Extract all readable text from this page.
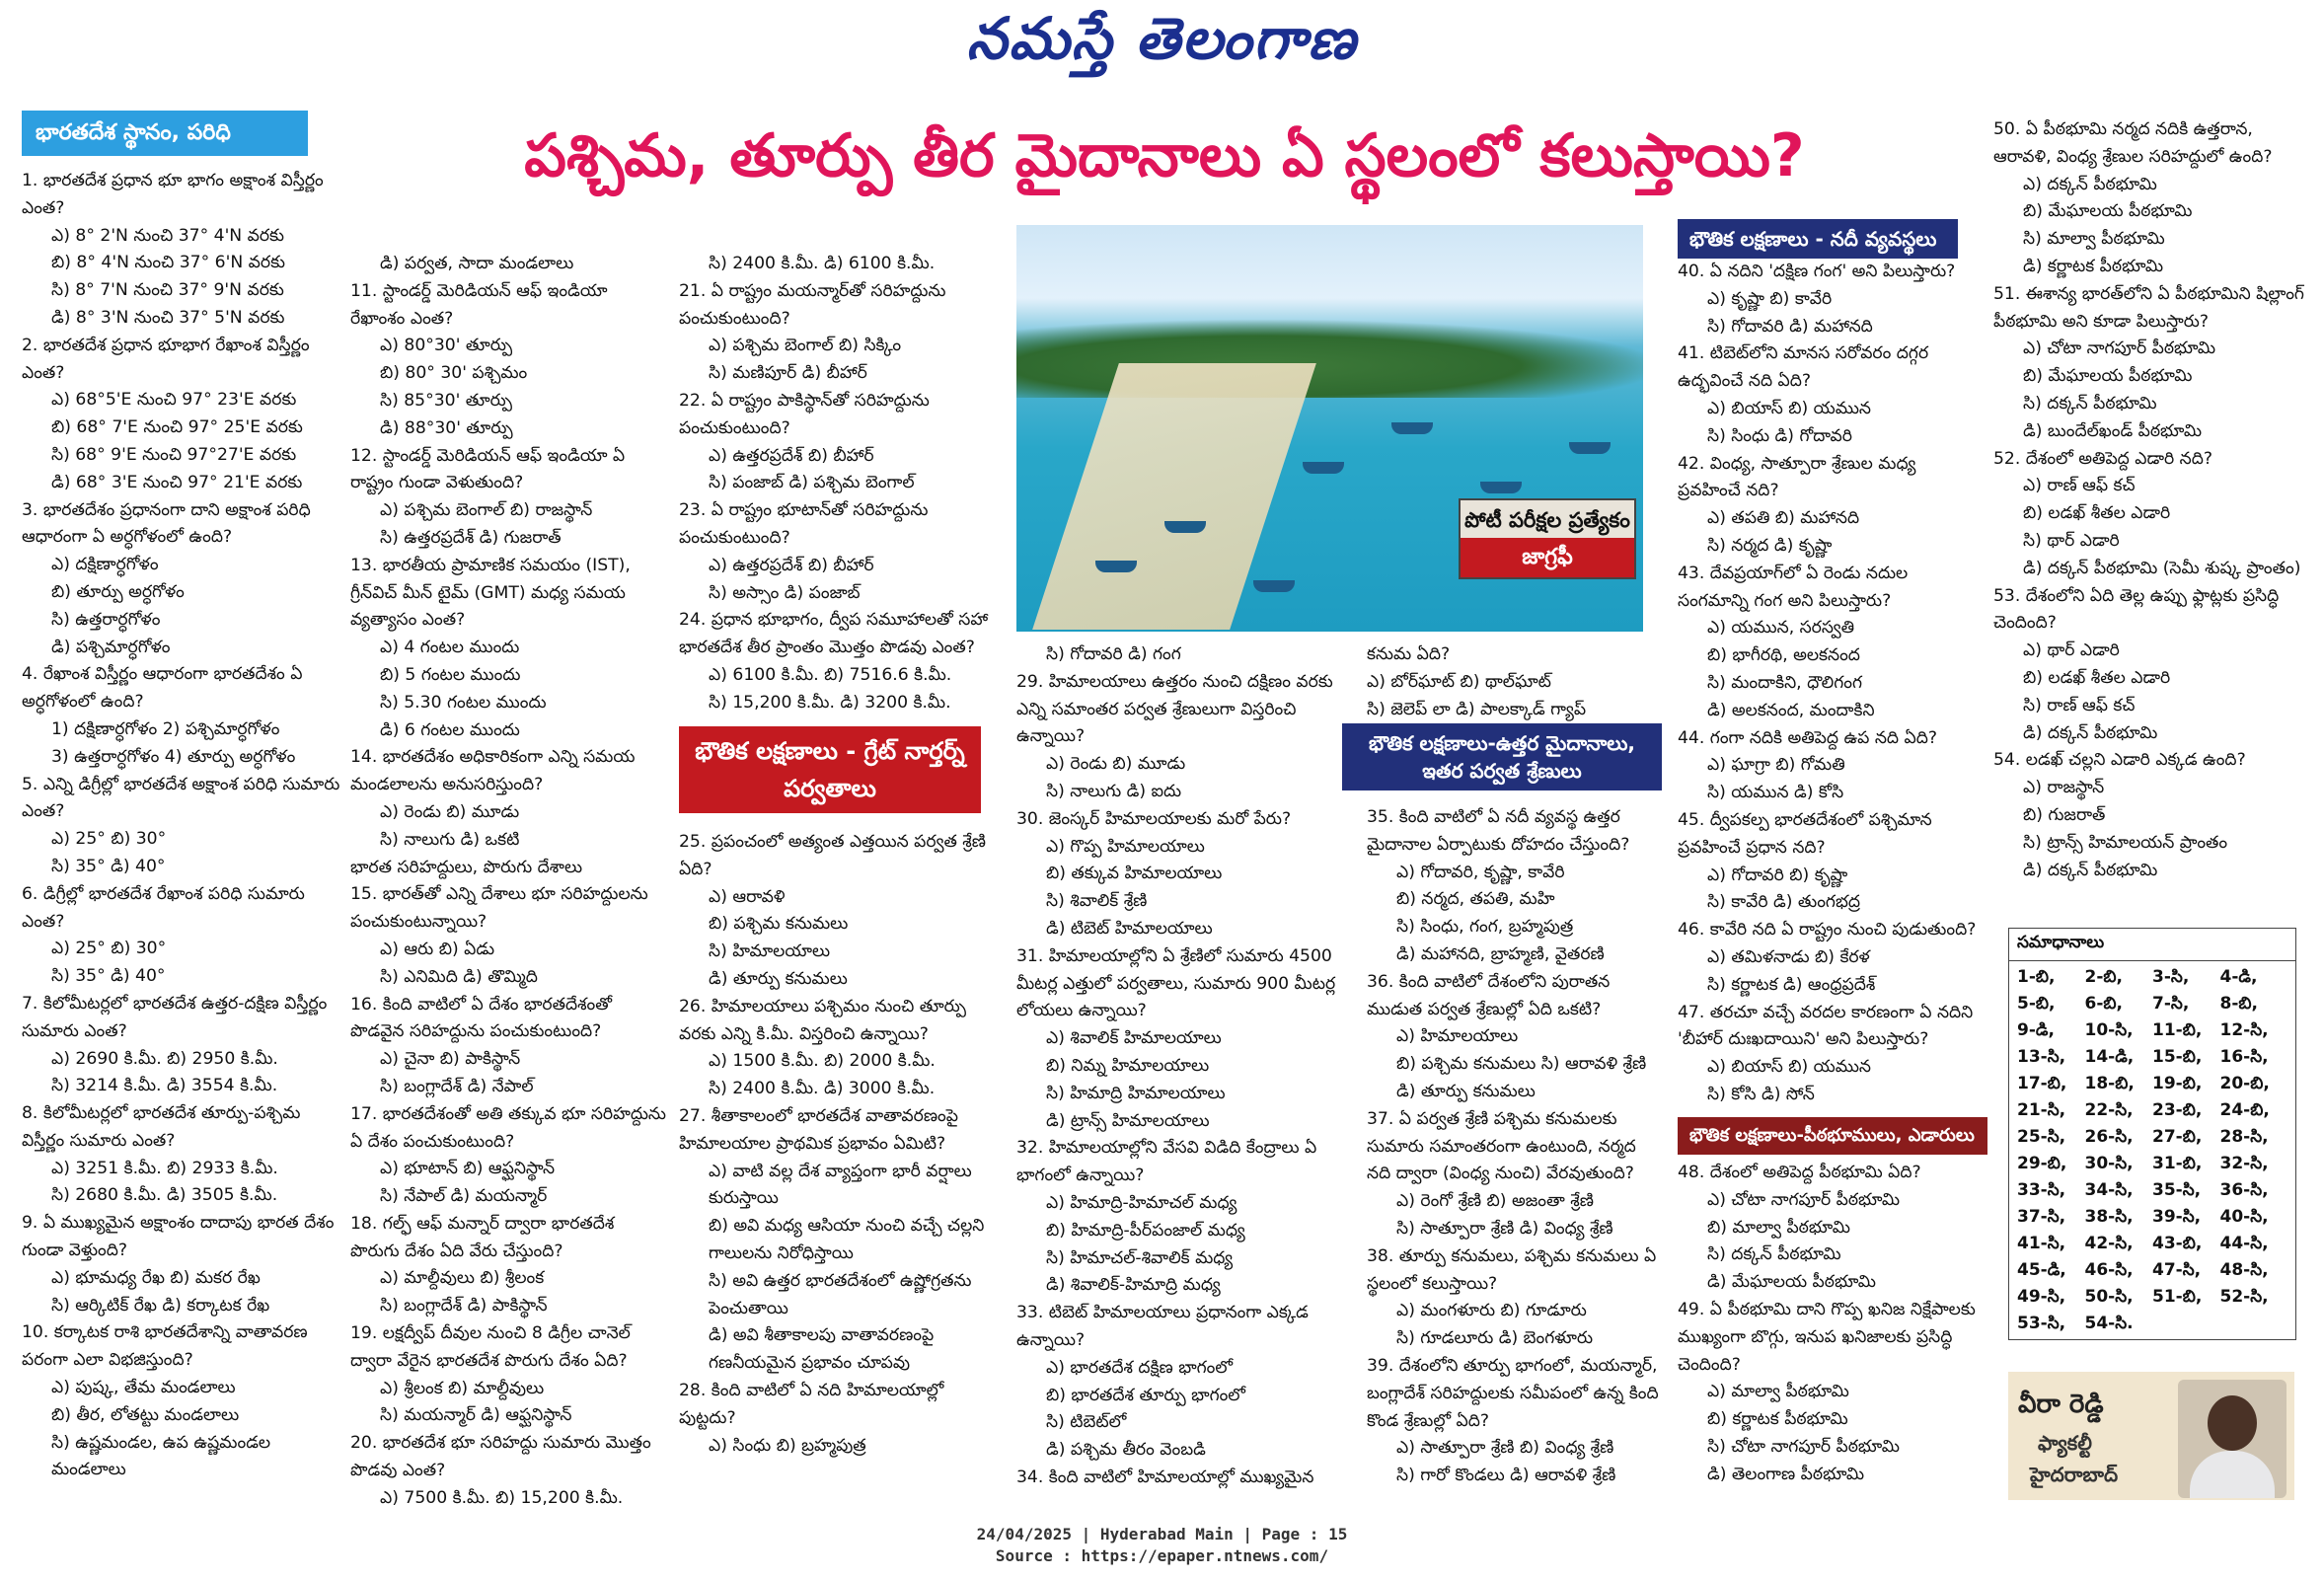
నమస్తే తెలంగాణ
పశ్చిమ, తూర్పు తీర మైదానాలు ఏ స్థలంలో కలుస్తాయి?
భారతదేశ స్థానం, పరిధి
1. భారతదేశ ప్రధాన భూ భాగం అక్షాంశ విస్తీర్ణం ఎంత?
ఎ) 8° 2'N నుంచి 37° 4'N వరకు
బి) 8° 4'N నుంచి 37° 6'N వరకు
సి) 8° 7'N నుంచి 37° 9'N వరకు
డి) 8° 3'N నుంచి 37° 5'N వరకు
2. భారతదేశ ప్రధాన భూభాగ రేఖాంశ విస్తీర్ణం ఎంత?
ఎ) 68°5'E నుంచి 97° 23'E వరకు
బి) 68° 7'E నుంచి 97° 25'E వరకు
సి) 68° 9'E నుంచి 97°27'E వరకు
డి) 68° 3'E నుంచి 97° 21'E వరకు
3. భారతదేశం ప్రధానంగా దాని అక్షాంశ పరిధి ఆధారంగా ఏ అర్ధగోళంలో ఉంది?
ఎ) దక్షిణార్ధగోళం
బి) తూర్పు అర్ధగోళం
సి) ఉత్తరార్ధగోళం
డి) పశ్చిమార్ధగోళం
4. రేఖాంశ విస్తీర్ణం ఆధారంగా భారతదేశం ఏ అర్ధగోళంలో ఉంది?
1) దక్షిణార్ధగోళం 2) పశ్చిమార్ధగోళం
3) ఉత్తరార్ధగోళం 4) తూర్పు అర్ధగోళం
5. ఎన్ని డిగ్రీల్లో భారతదేశ అక్షాంశ పరిధి సుమారు ఎంత?
ఎ) 25° బి) 30°
సి) 35° డి) 40°
6. డిగ్రీల్లో భారతదేశ రేఖాంశ పరిధి సుమారు ఎంత?
ఎ) 25° బి) 30°
సి) 35° డి) 40°
7. కిలోమీటర్లలో భారతదేశ ఉత్తర-దక్షిణ విస్తీర్ణం సుమారు ఎంత?
ఎ) 2690 కి.మీ. బి) 2950 కి.మీ.
సి) 3214 కి.మీ. డి) 3554 కి.మీ.
8. కిలోమీటర్లలో భారతదేశ తూర్పు-పశ్చిమ విస్తీర్ణం సుమారు ఎంత?
ఎ) 3251 కి.మీ. బి) 2933 కి.మీ.
సి) 2680 కి.మీ. డి) 3505 కి.మీ.
9. ఏ ముఖ్యమైన అక్షాంశం దాదాపు భారత దేశం గుండా వెళ్తుంది?
ఎ) భూమధ్య రేఖ బి) మకర రేఖ
సి) ఆర్కిటిక్ రేఖ డి) కర్కాటక రేఖ
10. కర్కాటక రాశి భారతదేశాన్ని వాతావరణ పరంగా ఎలా విభజిస్తుంది?
ఎ) పుష్క, తేమ మండలాలు
బి) తీర, లోతట్టు మండలాలు
సి) ఉష్ణమండల, ఉప ఉష్ణమండల మండలాలు
డి) పర్వత, సాదా మండలాలు
11. స్టాండర్డ్ మెరిడియన్ ఆఫ్ ఇండియా రేఖాంశం ఎంత?
ఎ) 80°30' తూర్పు
బి) 80° 30' పశ్చిమం
సి) 85°30' తూర్పు
డి) 88°30' తూర్పు
12. స్టాండర్డ్ మెరిడియన్ ఆఫ్ ఇండియా ఏ రాష్ట్రం గుండా వెళుతుంది?
ఎ) పశ్చిమ బెంగాల్ బి) రాజస్థాన్
సి) ఉత్తరప్రదేశ్ డి) గుజరాత్
13. భారతీయ ప్రామాణిక సమయం (IST), గ్రీన్‌విచ్ మీన్ టైమ్ (GMT) మధ్య సమయ వ్యత్యాసం ఎంత?
ఎ) 4 గంటల ముందు
బి) 5 గంటల ముందు
సి) 5.30 గంటల ముందు
డి) 6 గంటల ముందు
14. భారతదేశం అధికారికంగా ఎన్ని సమయ మండలాలను అనుసరిస్తుంది?
ఎ) రెండు బి) మూడు
సి) నాలుగు డి) ఒకటి
భారత సరిహద్దులు, పొరుగు దేశాలు
15. భారత్‌తో ఎన్ని దేశాలు భూ సరిహద్దులను పంచుకుంటున్నాయి?
ఎ) ఆరు బి) ఏడు
సి) ఎనిమిది డి) తొమ్మిది
16. కింది వాటిలో ఏ దేశం భారతదేశంతో పొడవైన సరిహద్దును పంచుకుంటుంది?
ఎ) చైనా బి) పాకిస్థాన్
సి) బంగ్లాదేశ్ డి) నేపాల్
17. భారతదేశంతో అతి తక్కువ భూ సరిహద్దును ఏ దేశం పంచుకుంటుంది?
ఎ) భూటాన్ బి) ఆఫ్ఘనిస్థాన్
సి) నేపాల్ డి) మయన్మార్
18. గల్ఫ్ ఆఫ్ మన్నార్ ద్వారా భారతదేశ పొరుగు దేశం ఏది వేరు చేస్తుంది?
ఎ) మాల్దీవులు బి) శ్రీలంక
సి) బంగ్లాదేశ్ డి) పాకిస్థాన్
19. లక్షద్వీప్ దీవుల నుంచి 8 డిగ్రీల చానెల్ ద్వారా వేరైన భారతదేశ పొరుగు దేశం ఏది?
ఎ) శ్రీలంక బి) మాల్దీవులు
సి) మయన్మార్ డి) ఆఫ్ఘనిస్థాన్
20. భారతదేశ భూ సరిహద్దు సుమారు మొత్తం పొడవు ఎంత?
ఎ) 7500 కి.మీ. బి) 15,200 కి.మీ.
సి) 2400 కి.మీ. డి) 6100 కి.మీ.
21. ఏ రాష్ట్రం మయన్మార్‌తో సరిహద్దును పంచుకుంటుంది?
ఎ) పశ్చిమ బెంగాల్ బి) సిక్కిం
సి) మణిపూర్ డి) బీహార్
22. ఏ రాష్ట్రం పాకిస్థాన్‌తో సరిహద్దును పంచుకుంటుంది?
ఎ) ఉత్తరప్రదేశ్ బి) బీహార్
సి) పంజాబ్ డి) పశ్చిమ బెంగాల్
23. ఏ రాష్ట్రం భూటాన్‌తో సరిహద్దును పంచుకుంటుంది?
ఎ) ఉత్తరప్రదేశ్ బి) బీహార్
సి) అస్సాం డి) పంజాబ్
24. ప్రధాన భూభాగం, ద్వీప సమూహాలతో సహా భారతదేశ తీర ప్రాంతం మొత్తం పొడవు ఎంత?
ఎ) 6100 కి.మీ. బి) 7516.6 కి.మీ.
సి) 15,200 కి.మీ. డి) 3200 కి.మీ.
భౌతిక లక్షణాలు - గ్రేట్ నార్తర్న్ పర్వతాలు
25. ప్రపంచంలో అత్యంత ఎత్తయిన పర్వత శ్రేణి ఏది?
ఎ) ఆరావళి
బి) పశ్చిమ కనుమలు
సి) హిమాలయాలు
డి) తూర్పు కనుమలు
26. హిమాలయాలు పశ్చిమం నుంచి తూర్పు వరకు ఎన్ని కి.మీ. విస్తరించి ఉన్నాయి?
ఎ) 1500 కి.మీ. బి) 2000 కి.మీ.
సి) 2400 కి.మీ. డి) 3000 కి.మీ.
27. శీతాకాలంలో భారతదేశ వాతావరణంపై హిమాలయాల ప్రాథమిక ప్రభావం ఏమిటి?
ఎ) వాటి వల్ల దేశ వ్యాప్తంగా భారీ వర్షాలు కురుస్తాయి
బి) అవి మధ్య ఆసియా నుంచి వచ్చే చల్లని గాలులను నిరోధిస్తాయి
సి) అవి ఉత్తర భారతదేశంలో ఉష్ణోగ్రతను పెంచుతాయి
డి) అవి శీతాకాలపు వాతావరణంపై గణనీయమైన ప్రభావం చూపవు
28. కింది వాటిలో ఏ నది హిమాలయాల్లో పుట్టదు?
ఎ) సింధు బి) బ్రహ్మపుత్ర
పోటీ పరీక్షల ప్రత్యేకం
జాగ్రఫీ
సి) గోదావరి డి) గంగ
29. హిమాలయాలు ఉత్తరం నుంచి దక్షిణం వరకు ఎన్ని సమాంతర పర్వత శ్రేణులుగా విస్తరించి ఉన్నాయి?
ఎ) రెండు బి) మూడు
సి) నాలుగు డి) ఐదు
30. జెంస్కర్ హిమాలయాలకు మరో పేరు?
ఎ) గొప్ప హిమాలయాలు
బి) తక్కువ హిమాలయాలు
సి) శివాలిక్ శ్రేణి
డి) టిబెట్ హిమాలయాలు
31. హిమాలయాల్లోని ఏ శ్రేణిలో సుమారు 4500 మీటర్ల ఎత్తులో పర్వతాలు, సుమారు 900 మీటర్ల లోయలు ఉన్నాయి?
ఎ) శివాలిక్ హిమాలయాలు
బి) నిమ్న హిమాలయాలు
సి) హిమాద్రి హిమాలయాలు
డి) ట్రాన్స్ హిమాలయాలు
32. హిమాలయాల్లోని వేసవి విడిది కేంద్రాలు ఏ భాగంలో ఉన్నాయి?
ఎ) హిమాద్రి-హిమాచల్ మధ్య
బి) హిమాద్రి-పీర్‌పంజాల్ మధ్య
సి) హిమాచల్-శివాలిక్ మధ్య
డి) శివాలిక్-హిమాద్రి మధ్య
33. టిబెట్ హిమాలయాలు ప్రధానంగా ఎక్కడ ఉన్నాయి?
ఎ) భారతదేశ దక్షిణ భాగంలో
బి) భారతదేశ తూర్పు భాగంలో
సి) టిబెట్‌లో
డి) పశ్చిమ తీరం వెంబడి
34. కింది వాటిలో హిమాలయాల్లో ముఖ్యమైన
భౌతిక లక్షణాలు-ఉత్తర మైదానాలు, ఇతర పర్వత శ్రేణులు
కనుమ ఏది?
ఎ) బోర్‌ఘాట్ బి) థాల్‌ఘాట్
సి) జెలెప్ లా డి) పాలక్కాడ్ గ్యాప్
35. కింది వాటిలో ఏ నదీ వ్యవస్థ ఉత్తర మైదానాల ఏర్పాటుకు దోహదం చేస్తుంది?
ఎ) గోదావరి, కృష్ణా, కావేరి
బి) నర్మద, తపతి, మహి
సి) సింధు, గంగ, బ్రహ్మపుత్ర
డి) మహానది, బ్రాహ్మణి, వైతరణి
36. కింది వాటిలో దేశంలోని పురాతన ముడుత పర్వత శ్రేణుల్లో ఏది ఒకటి?
ఎ) హిమాలయాలు
బి) పశ్చిమ కనుమలు సి) ఆరావళి శ్రేణి
డి) తూర్పు కనుమలు
37. ఏ పర్వత శ్రేణి పశ్చిమ కనుమలకు సుమారు సమాంతరంగా ఉంటుంది, నర్మద నది ద్వారా (వింధ్య నుంచి) వేరవుతుంది?
ఎ) రెంగో శ్రేణి బి) అజంతా శ్రేణి
సి) సాత్పూరా శ్రేణి డి) వింధ్య శ్రేణి
38. తూర్పు కనుమలు, పశ్చిమ కనుమలు ఏ స్థలంలో కలుస్తాయి?
ఎ) మంగళూరు బి) గూడూరు
సి) గూడలూరు డి) బెంగళూరు
39. దేశంలోని తూర్పు భాగంలో, మయన్మార్, బంగ్లాదేశ్ సరిహద్దులకు సమీపంలో ఉన్న కింది కొండ శ్రేణుల్లో ఏది?
ఎ) సాత్పూరా శ్రేణి బి) వింధ్య శ్రేణి
సి) గారో కొండలు డి) ఆరావళి శ్రేణి
భౌతిక లక్షణాలు - నదీ వ్యవస్థలు
40. ఏ నదిని 'దక్షిణ గంగ' అని పిలుస్తారు?
ఎ) కృష్ణా బి) కావేరి
సి) గోదావరి డి) మహానది
41. టిబెట్‌లోని మానస సరోవరం దగ్గర ఉద్భవించే నది ఏది?
ఎ) బియాస్ బి) యమున
సి) సింధు డి) గోదావరి
42. వింధ్య, సాత్పూరా శ్రేణుల మధ్య ప్రవహించే నది?
ఎ) తపతి బి) మహానది
సి) నర్మద డి) కృష్ణా
43. దేవప్రయాగ్‌లో ఏ రెండు నదుల సంగమాన్ని గంగ అని పిలుస్తారు?
ఎ) యమున, సరస్వతి
బి) భాగీరథి, అలకనంద
సి) మందాకిని, ధౌలిగంగ
డి) అలకనంద, మందాకిని
44. గంగా నదికి అతిపెద్ద ఉప నది ఏది?
ఎ) ఘాగ్రా బి) గోమతి
సి) యమున డి) కోసి
45. ద్వీపకల్ప భారతదేశంలో పశ్చిమాన ప్రవహించే ప్రధాన నది?
ఎ) గోదావరి బి) కృష్ణా
సి) కావేరి డి) తుంగభద్ర
46. కావేరి నది ఏ రాష్ట్రం నుంచి పుడుతుంది?
ఎ) తమిళనాడు బి) కేరళ
సి) కర్ణాటక డి) ఆంధ్రప్రదేశ్
47. తరచూ వచ్చే వరదల కారణంగా ఏ నదిని 'బీహార్ దుఃఖదాయిని' అని పిలుస్తారు?
ఎ) బియాస్ బి) యమున
సి) కోసి డి) సోన్
భౌతిక లక్షణాలు-పీఠభూములు, ఎడారులు
48. దేశంలో అతిపెద్ద పీఠభూమి ఏది?
ఎ) చోటా నాగపూర్ పీఠభూమి
బి) మాల్వా పీఠభూమి
సి) దక్కన్ పీఠభూమి
డి) మేఘాలయ పీఠభూమి
49. ఏ పీఠభూమి దాని గొప్ప ఖనిజ నిక్షేపాలకు ముఖ్యంగా బొగ్గు, ఇనుప ఖనిజాలకు ప్రసిద్ధి చెందింది?
ఎ) మాల్వా పీఠభూమి
బి) కర్ణాటక పీఠభూమి
సి) చోటా నాగపూర్ పీఠభూమి
డి) తెలంగాణ పీఠభూమి
50. ఏ పీఠభూమి నర్మద నదికి ఉత్తరాన, ఆరావళి, వింధ్య శ్రేణుల సరిహద్దులో ఉంది?
ఎ) దక్కన్ పీఠభూమి
బి) మేఘాలయ పీఠభూమి
సి) మాల్వా పీఠభూమి
డి) కర్ణాటక పీఠభూమి
51. ఈశాన్య భారత్‌లోని ఏ పీఠభూమిని షిల్లాంగ్ పీఠభూమి అని కూడా పిలుస్తారు?
ఎ) చోటా నాగపూర్ పీఠభూమి
బి) మేఘాలయ పీఠభూమి
సి) దక్కన్ పీఠభూమి
డి) బుందేల్‌ఖండ్ పీఠభూమి
52. దేశంలో అతిపెద్ద ఎడారి నది?
ఎ) రాణ్ ఆఫ్ కచ్
బి) లడఖ్ శీతల ఎడారి
సి) థార్ ఎడారి
డి) దక్కన్ పీఠభూమి (సెమీ శుష్క ప్రాంతం)
53. దేశంలోని ఏది తెల్ల ఉప్పు ఫ్లాట్లకు ప్రసిద్ధి చెందింది?
ఎ) థార్ ఎడారి
బి) లడఖ్ శీతల ఎడారి
సి) రాణ్ ఆఫ్ కచ్
డి) దక్కన్ పీఠభూమి
54. లడఖ్ చల్లని ఎడారి ఎక్కడ ఉంది?
ఎ) రాజస్థాన్
బి) గుజరాత్
సి) ట్రాన్స్ హిమాలయన్ ప్రాంతం
డి) దక్కన్ పీఠభూమి
సమాధానాలు
1-బి,	2-బి,	3-సి,	4-డి,
5-బి,	6-బి,	7-సి,	8-బి,
9-డి,	10-సి,	11-బి,	12-సి,
13-సి,	14-డి,	15-బి,	16-సి,
17-బి,	18-బి,	19-బి,	20-బి,
21-సి,	22-సి,	23-బి,	24-బి,
25-సి,	26-సి,	27-బి,	28-సి,
29-బి,	30-సి,	31-బి,	32-సి,
33-సి,	34-సి,	35-సి,	36-సి,
37-సి,	38-సి,	39-సి,	40-సి,
41-సి,	42-సి,	43-బి,	44-సి,
45-డి,	46-సి,	47-సి,	48-సి,
49-సి,	50-సి,	51-బి,	52-సి,
53-సి,	54-సి.
వీరా రెడ్డి
ఫ్యాకల్టీ
హైదరాబాద్
24/04/2025 | Hyderabad Main | Page : 15
Source : https://epaper.ntnews.com/
